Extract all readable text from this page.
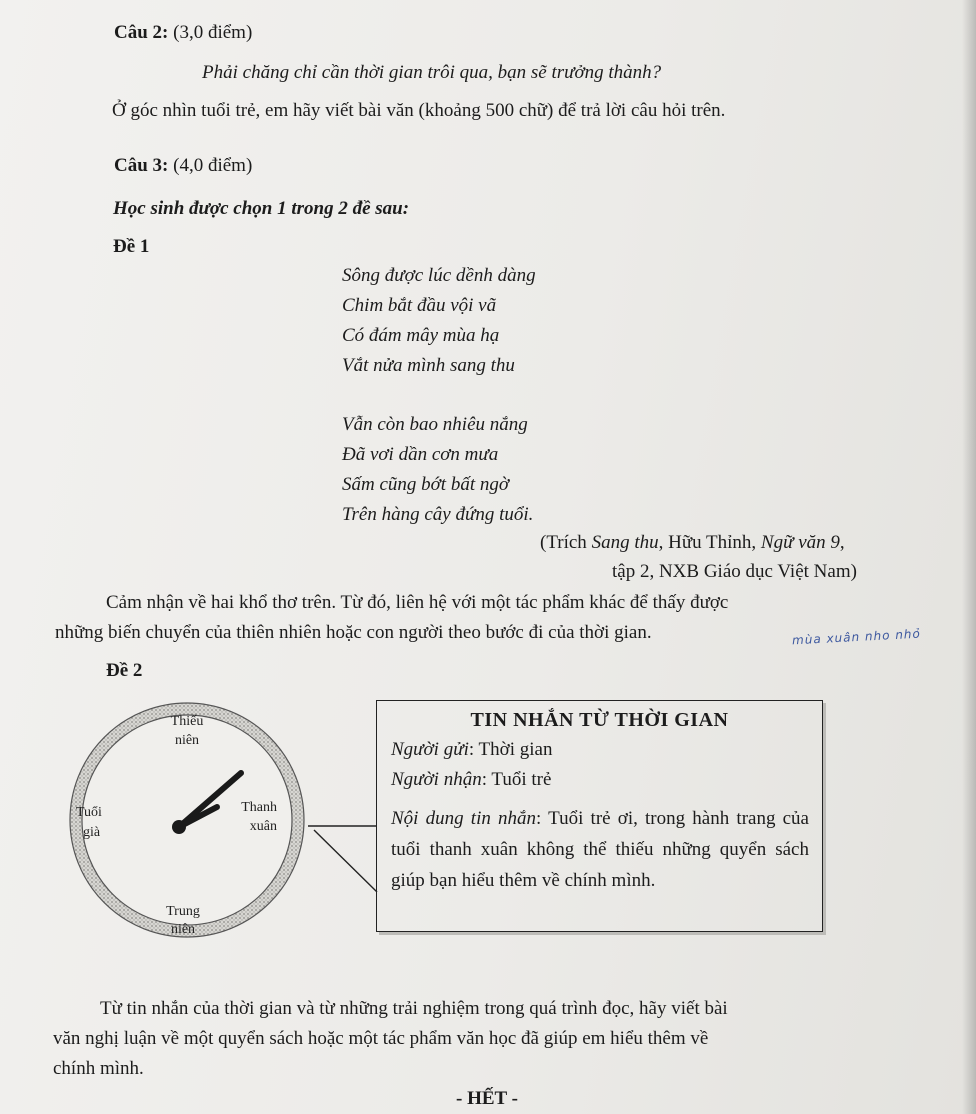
Câu 2: (3,0 điểm)
Phải chăng chỉ cần thời gian trôi qua, bạn sẽ trưởng thành?
Ở góc nhìn tuổi trẻ, em hãy viết bài văn (khoảng 500 chữ) để trả lời câu hỏi trên.
Câu 3: (4,0 điểm)
Học sinh được chọn 1 trong 2 đề sau:
Đề 1
Sông được lúc dềnh dàng
Chim bắt đầu vội vã
Có đám mây mùa hạ
Vắt nửa mình sang thu
Vẫn còn bao nhiêu nắng
Đã vơi dần cơn mưa
Sấm cũng bớt bất ngờ
Trên hàng cây đứng tuổi.
(Trích Sang thu, Hữu Thỉnh, Ngữ văn 9,
tập 2, NXB Giáo dục Việt Nam)
Cảm nhận về hai khổ thơ trên. Từ đó, liên hệ với một tác phẩm khác để thấy được
những biến chuyển của thiên nhiên hoặc con người theo bước đi của thời gian.	mùa xuân nho nhỏ
Đề 2
Thiếu
niên
Thanh
xuân
Trung
niên
Tuổi
già
TIN NHẮN TỪ THỜI GIAN
Người gửi: Thời gian
Người nhận: Tuổi trẻ
Nội dung tin nhắn: Tuổi trẻ ơi, trong hành trang của tuổi thanh xuân không thể thiếu những quyển sách giúp bạn hiểu thêm về chính mình.
Từ tin nhắn của thời gian và từ những trải nghiệm trong quá trình đọc, hãy viết bài
văn nghị luận về một quyển sách hoặc một tác phẩm văn học đã giúp em hiểu thêm về
chính mình.
- HẾT -
